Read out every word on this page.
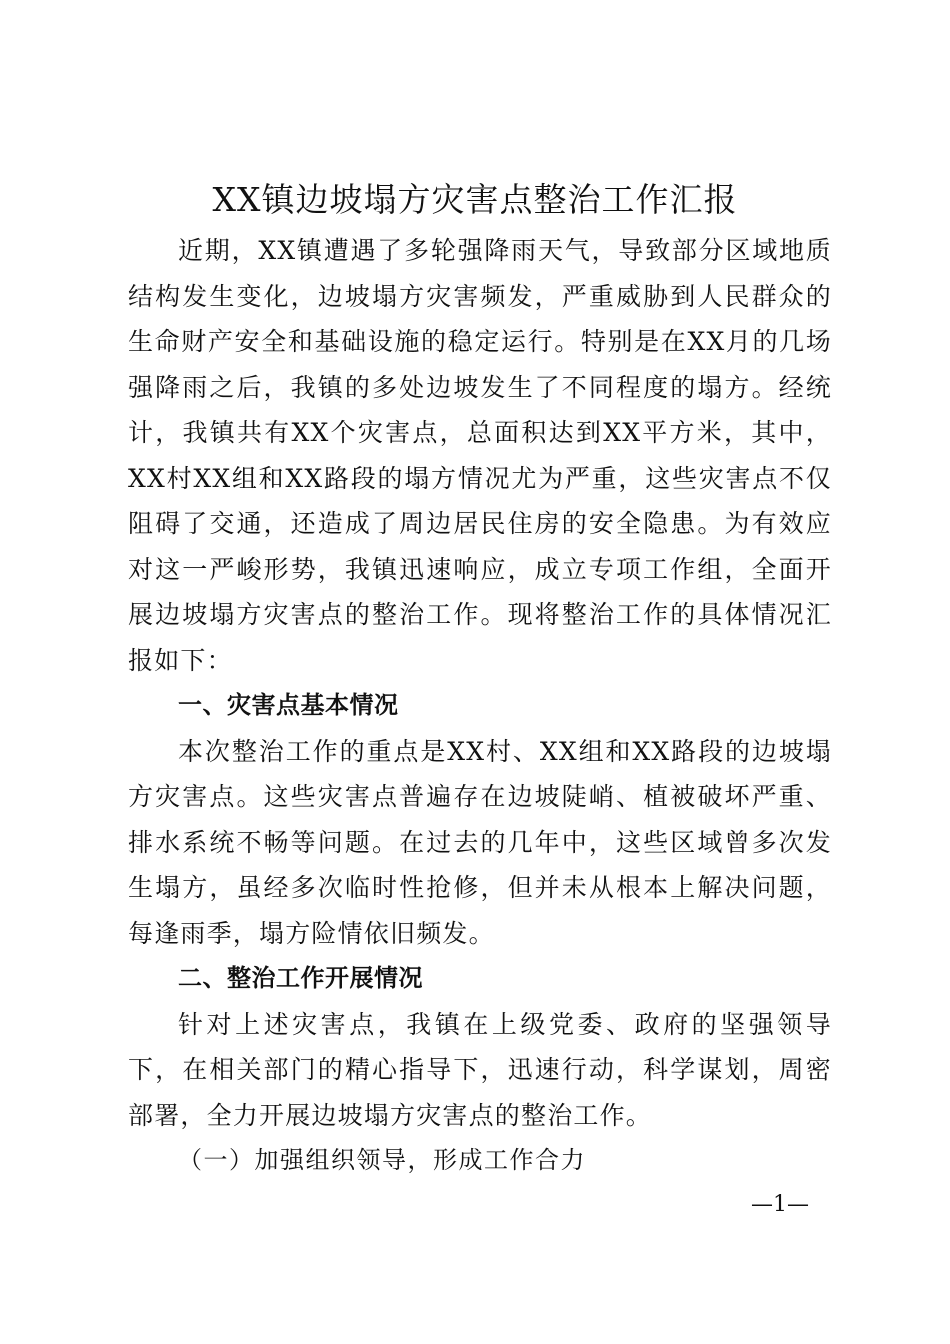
XX镇边坡塌方灾害点整治工作汇报

近期，XX镇遭遇了多轮强降雨天气，导致部分区域地质结构发生变化，边坡塌方灾害频发，严重威胁到人民群众的生命财产安全和基础设施的稳定运行。特别是在XX月的几场强降雨之后，我镇的多处边坡发生了不同程度的塌方。经统计，我镇共有XX个灾害点，总面积达到XX平方米，其中，XX村XX组和XX路段的塌方情况尤为严重，这些灾害点不仅阻碍了交通，还造成了周边居民住房的安全隐患。为有效应对这一严峻形势，我镇迅速响应，成立专项工作组，全面开展边坡塌方灾害点的整治工作。现将整治工作的具体情况汇报如下：

一、灾害点基本情况

本次整治工作的重点是XX村、XX组和XX路段的边坡塌方灾害点。这些灾害点普遍存在边坡陡峭、植被破坏严重、排水系统不畅等问题。在过去的几年中，这些区域曾多次发生塌方，虽经多次临时性抢修，但并未从根本上解决问题，每逢雨季，塌方险情依旧频发。

二、整治工作开展情况

针对上述灾害点，我镇在上级党委、政府的坚强领导下，在相关部门的精心指导下，迅速行动，科学谋划，周密部署，全力开展边坡塌方灾害点的整治工作。

（一）加强组织领导，形成工作合力

—1—
